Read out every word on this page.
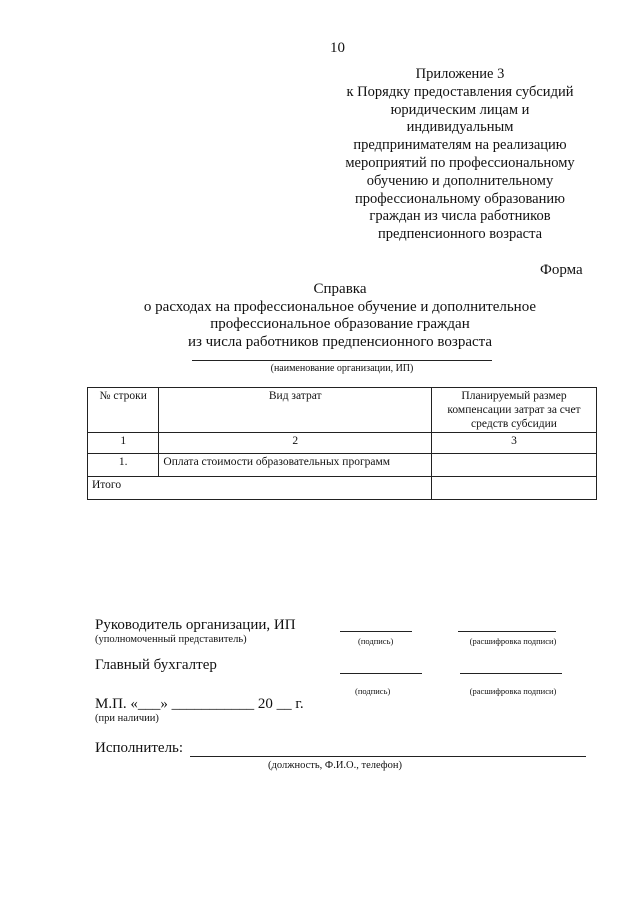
10
Приложение 3
к Порядку предоставления субсидий
юридическим лицам и
индивидуальным
предпринимателям на реализацию
мероприятий по профессиональному
обучению и дополнительному
профессиональному образованию
граждан из числа работников
предпенсионного возраста
Форма
Справка
о расходах на профессиональное обучение и дополнительное
профессиональное образование граждан
из числа работников предпенсионного возраста
(наименование организации, ИП)
№ строки	Вид затрат	Планируемый размер компенсации затрат за счет средств субсидии
1	2	3
1.	Оплата стоимости образовательных программ	
Итого		
Руководитель организации, ИП
(уполномоченный представитель)	(подпись)	(расшифровка подписи)
Главный бухгалтер
(подпись)	(расшифровка подписи)
М.П. «___» ___________ 20 __ г.
(при наличии)
Исполнитель:
(должность, Ф.И.О., телефон)
